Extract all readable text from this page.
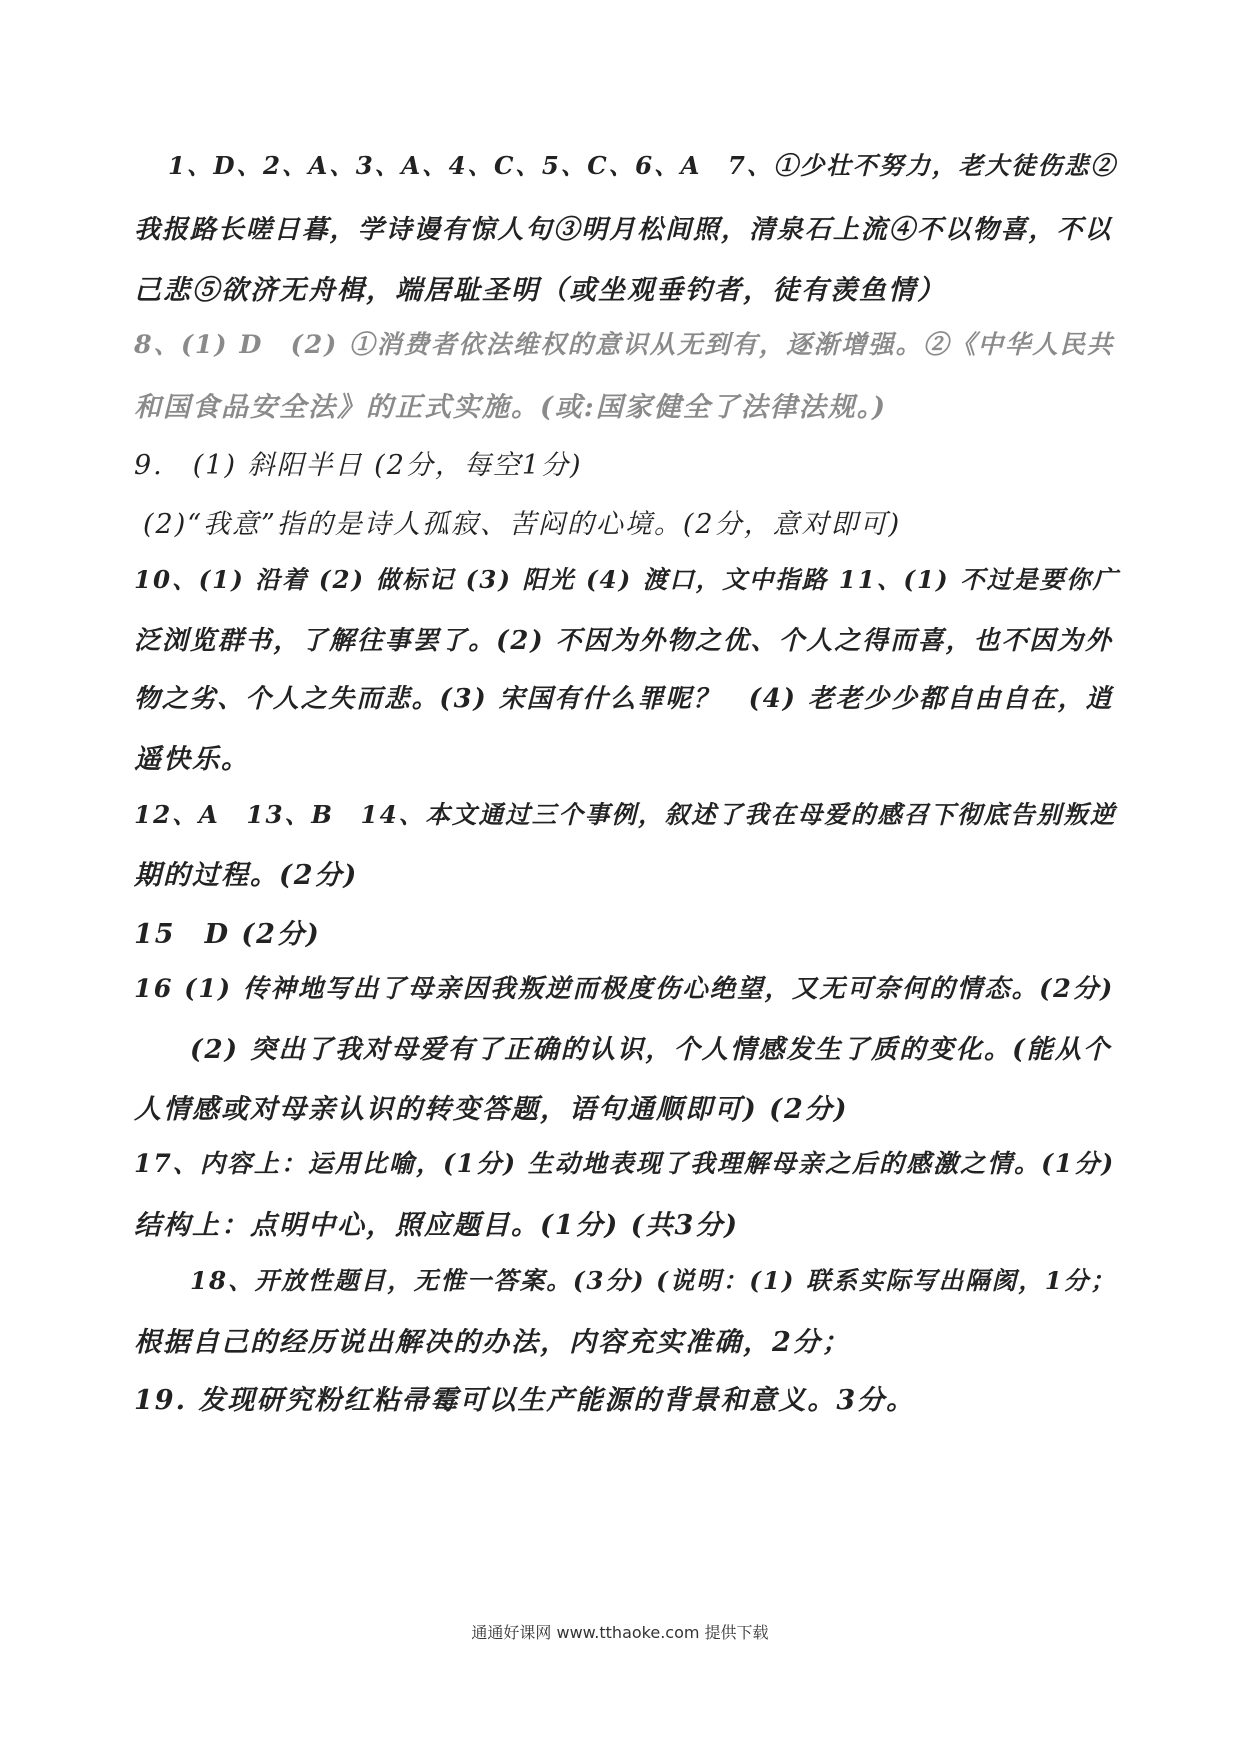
1、D、2、A、3、A、4、C、5、C、6、A　7、①少壮不努力，老大徒伤悲②
我报路长嗟日暮，学诗谩有惊人句③明月松间照，清泉石上流④不以物喜，不以
己悲⑤欲济无舟楫，端居耻圣明（或坐观垂钓者，徒有羡鱼情）
8、(1) D　(2) ①消费者依法维权的意识从无到有，逐渐增强。②《中华人民共
和国食品安全法》的正式实施。(或:国家健全了法律法规。)
9.　(1) 斜阳半日 (2分，每空1分)
(2)“我意”指的是诗人孤寂、苦闷的心境。(2分，意对即可)
10、(1) 沿着 (2) 做标记 (3) 阳光 (4) 渡口，文中指路 11、(1) 不过是要你广
泛浏览群书，了解往事罢了。(2) 不因为外物之优、个人之得而喜，也不因为外
物之劣、个人之失而悲。(3) 宋国有什么罪呢？　(4) 老老少少都自由自在，逍
遥快乐。
12、A　13、B　14、本文通过三个事例，叙述了我在母爱的感召下彻底告别叛逆
期的过程。(2分)
15　D (2分)
16 (1) 传神地写出了母亲因我叛逆而极度伤心绝望，又无可奈何的情态。(2分)
(2) 突出了我对母爱有了正确的认识，个人情感发生了质的变化。(能从个
人情感或对母亲认识的转变答题，语句通顺即可) (2分)
17、内容上：运用比喻，(1分) 生动地表现了我理解母亲之后的感激之情。(1分)
结构上：点明中心，照应题目。(1分) (共3分)
18、开放性题目，无惟一答案。(3分) (说明：(1) 联系实际写出隔阂，1分；
根据自己的经历说出解决的办法，内容充实准确，2分；
19. 发现研究粉红粘帚霉可以生产能源的背景和意义。3分。
通通好课网 www.tthaoke.com 提供下载
